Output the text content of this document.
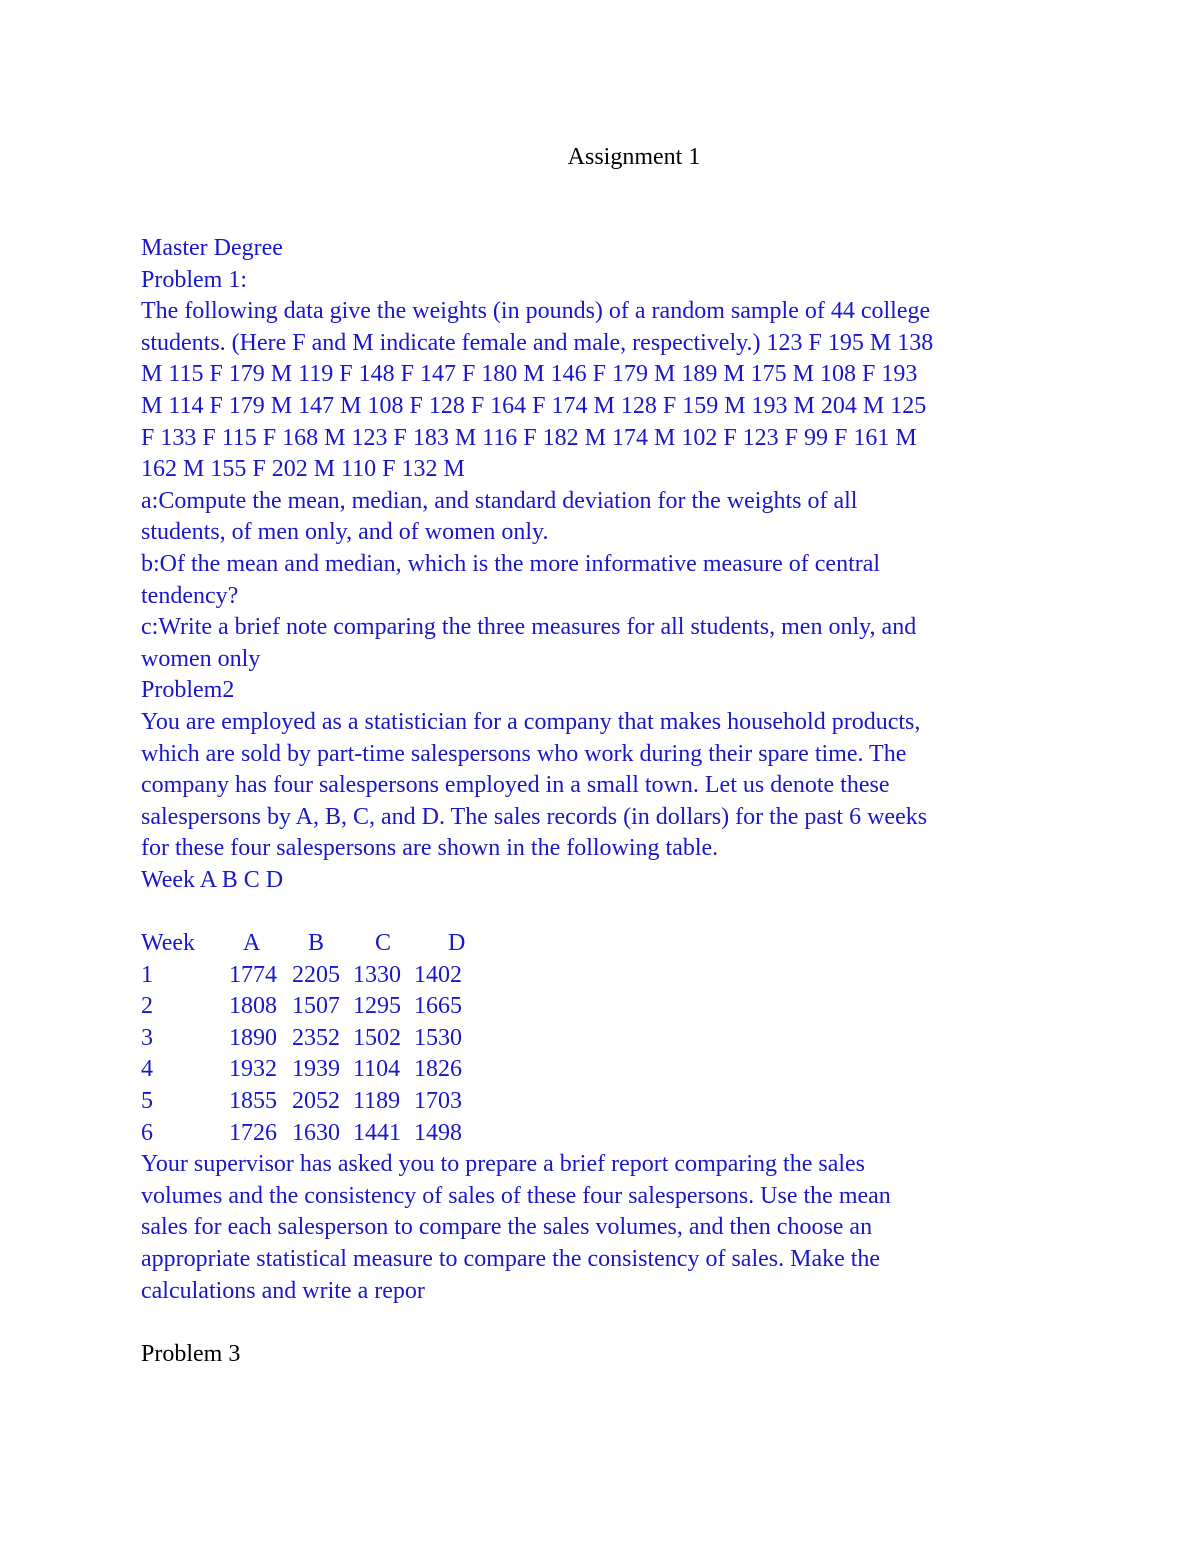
Assignment 1
Master Degree
Problem 1:
The following data give the weights (in pounds) of a random sample of 44 college
students. (Here F and M indicate female and male, respectively.) 123 F 195 M 138
M 115 F 179 M 119 F 148 F 147 F 180 M 146 F 179 M 189 M 175 M 108 F 193
M 114 F 179 M 147 M 108 F 128 F 164 F 174 M 128 F 159 M 193 M 204 M 125
F 133 F 115 F 168 M 123 F 183 M 116 F 182 M 174 M 102 F 123 F 99 F 161 M
162 M 155 F 202 M 110 F 132 M
a:Compute the mean, median, and standard deviation for the weights of all
students, of men only, and of women only.
b:Of the mean and median, which is the more informative measure of central
tendency?
c:Write a brief note comparing the three measures for all students, men only, and
women only
Problem2
You are employed as a statistician for a company that makes household products,
which are sold by part-time salespersons who work during their spare time. The
company has four salespersons employed in a small town. Let us denote these
salespersons by A, B, C, and D. The sales records (in dollars) for the past 6 weeks
for these four salespersons are shown in the following table.
Week A B C D
Week A B C D
1	1774 2205 1330 1402
2	1808 1507 1295 1665
3	1890 2352 1502 1530
4	1932 1939 1104 1826
5	1855 2052 1189 1703
6	1726 1630 1441 1498
Your supervisor has asked you to prepare a brief report comparing the sales
volumes and the consistency of sales of these four salespersons. Use the mean
sales for each salesperson to compare the sales volumes, and then choose an
appropriate statistical measure to compare the consistency of sales. Make the
calculations and write a repor
Problem 3
